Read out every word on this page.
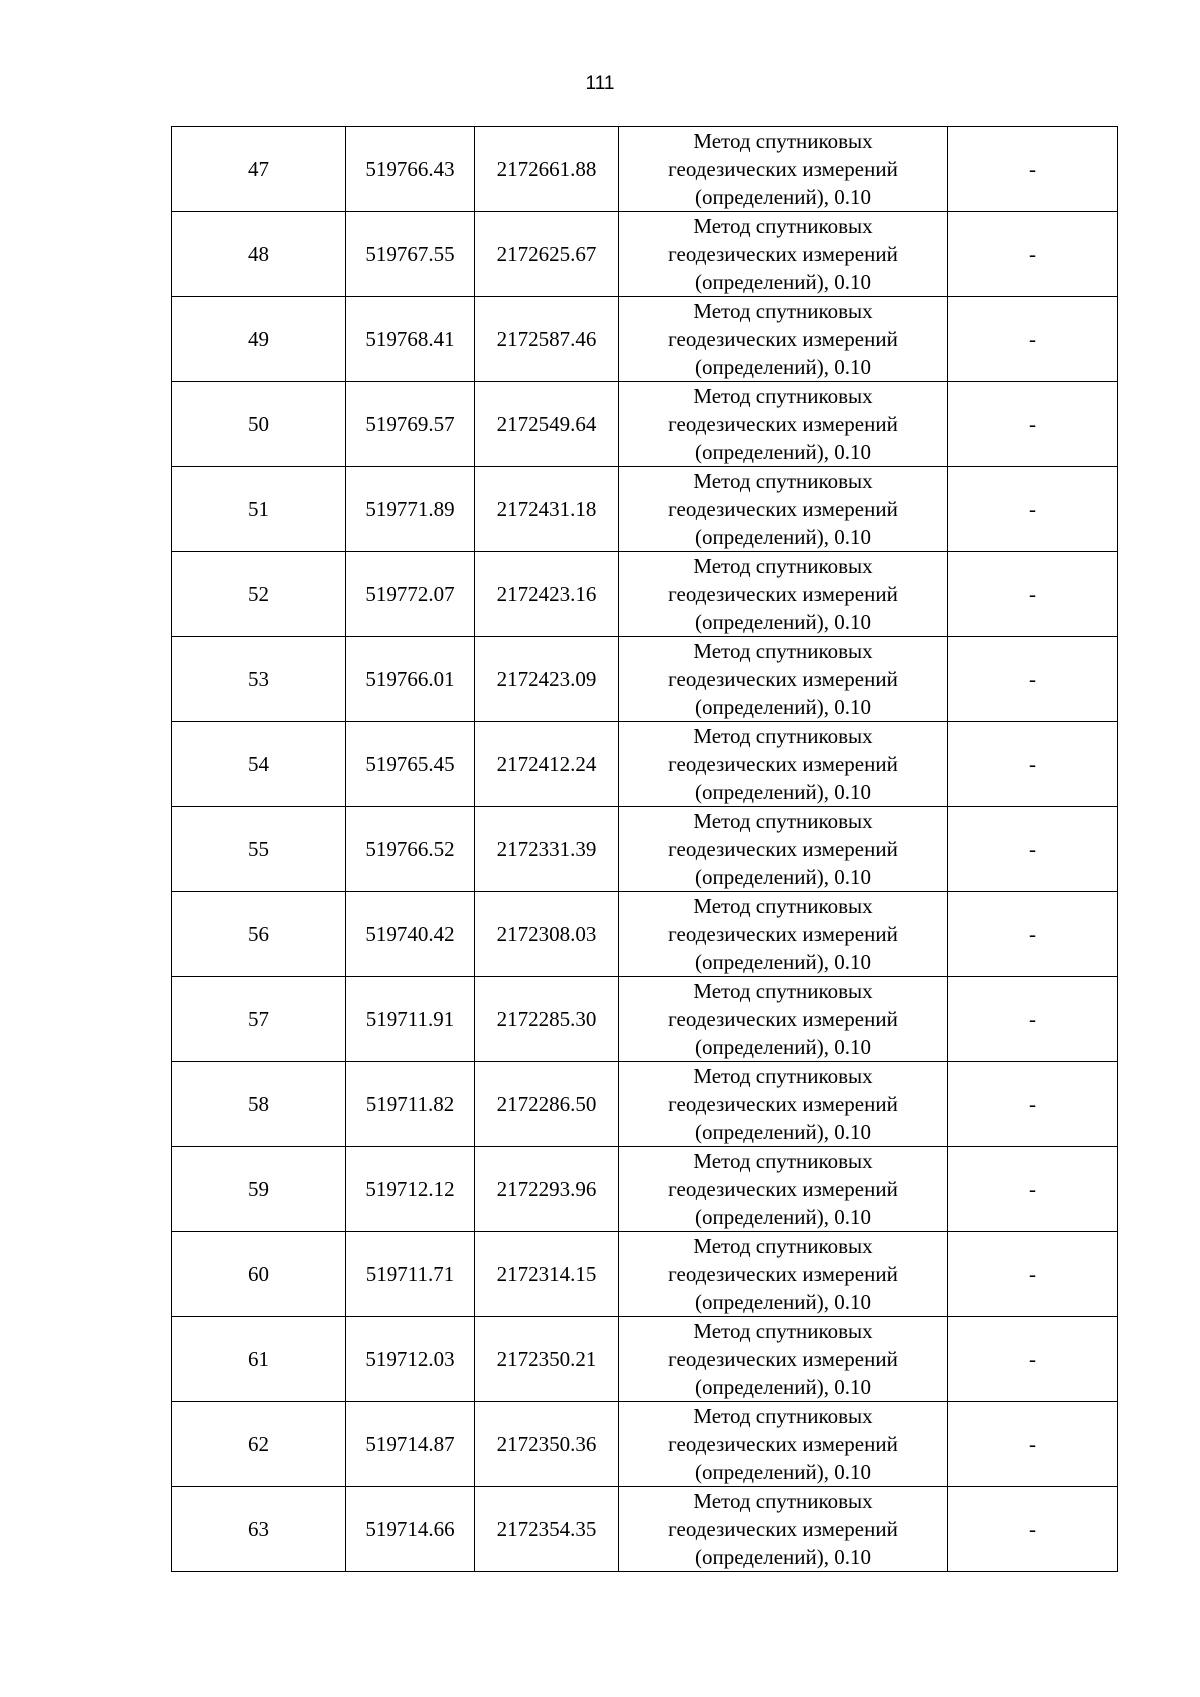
111
47	519766.43	2172661.88	Метод спутниковых
геодезических измерений
(определений), 0.10	-
48	519767.55	2172625.67	Метод спутниковых
геодезических измерений
(определений), 0.10	-
49	519768.41	2172587.46	Метод спутниковых
геодезических измерений
(определений), 0.10	-
50	519769.57	2172549.64	Метод спутниковых
геодезических измерений
(определений), 0.10	-
51	519771.89	2172431.18	Метод спутниковых
геодезических измерений
(определений), 0.10	-
52	519772.07	2172423.16	Метод спутниковых
геодезических измерений
(определений), 0.10	-
53	519766.01	2172423.09	Метод спутниковых
геодезических измерений
(определений), 0.10	-
54	519765.45	2172412.24	Метод спутниковых
геодезических измерений
(определений), 0.10	-
55	519766.52	2172331.39	Метод спутниковых
геодезических измерений
(определений), 0.10	-
56	519740.42	2172308.03	Метод спутниковых
геодезических измерений
(определений), 0.10	-
57	519711.91	2172285.30	Метод спутниковых
геодезических измерений
(определений), 0.10	-
58	519711.82	2172286.50	Метод спутниковых
геодезических измерений
(определений), 0.10	-
59	519712.12	2172293.96	Метод спутниковых
геодезических измерений
(определений), 0.10	-
60	519711.71	2172314.15	Метод спутниковых
геодезических измерений
(определений), 0.10	-
61	519712.03	2172350.21	Метод спутниковых
геодезических измерений
(определений), 0.10	-
62	519714.87	2172350.36	Метод спутниковых
геодезических измерений
(определений), 0.10	-
63	519714.66	2172354.35	Метод спутниковых
геодезических измерений
(определений), 0.10	-
